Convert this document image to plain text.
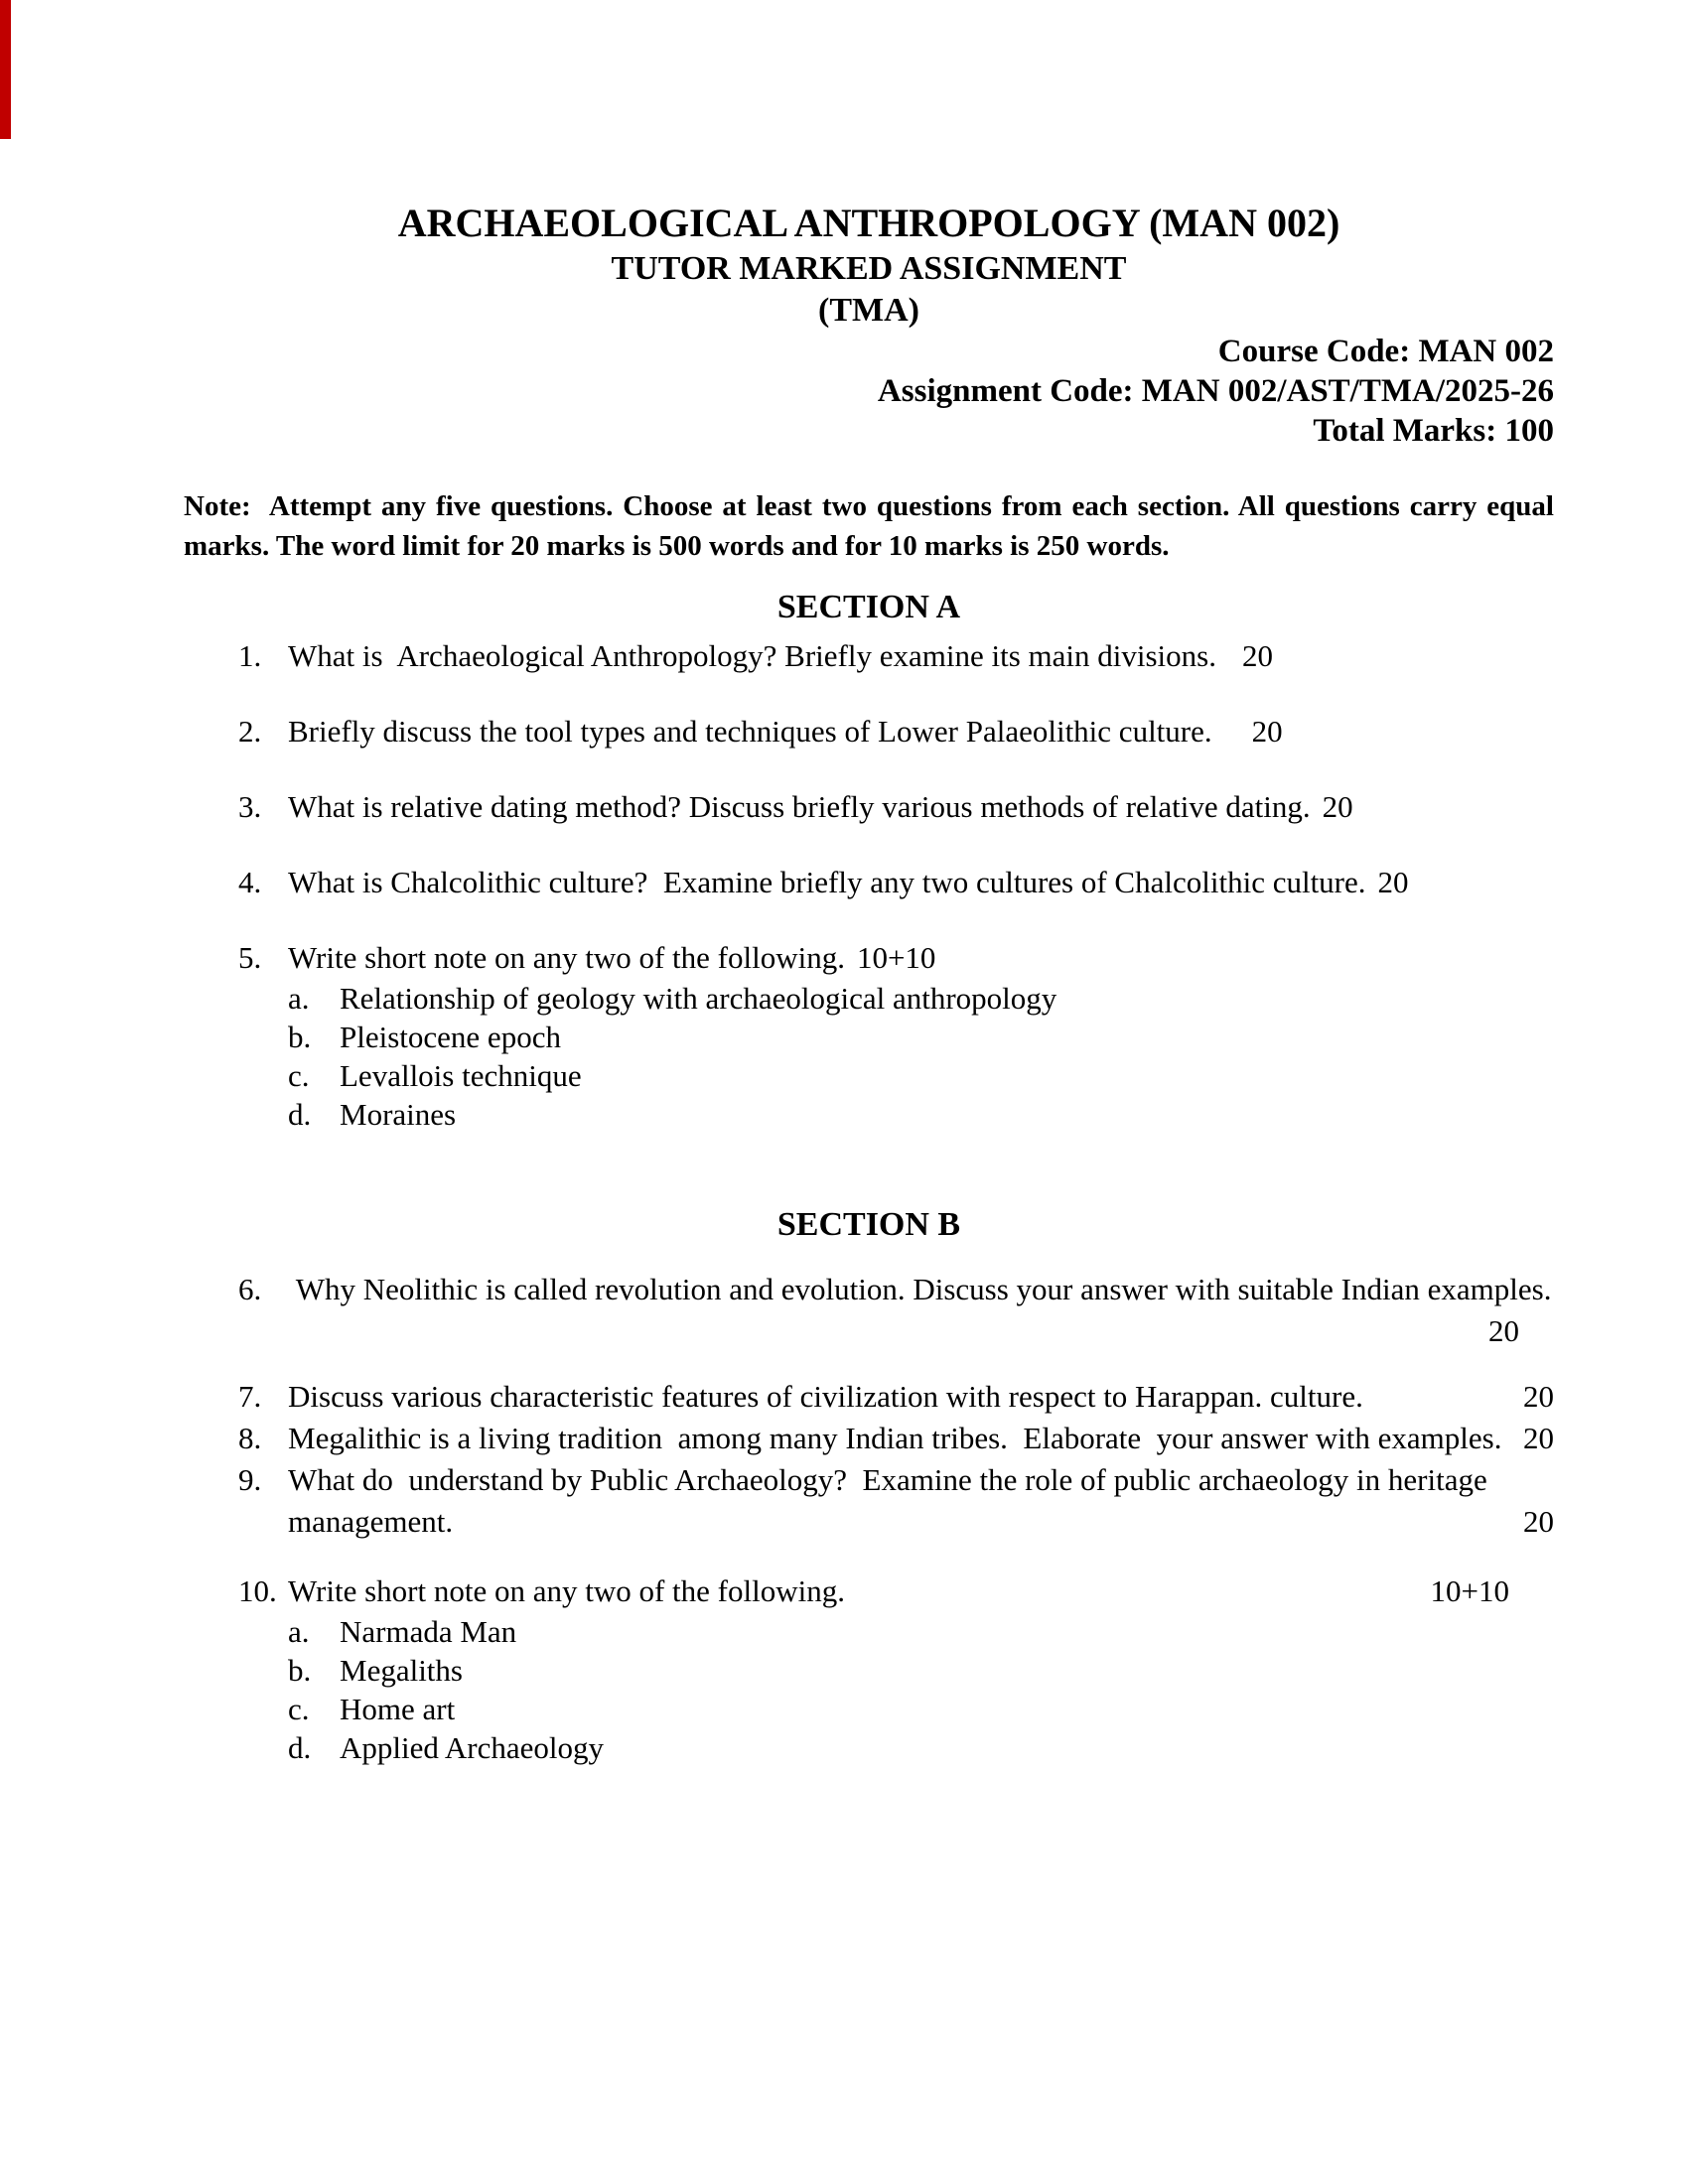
ARCHAEOLOGICAL ANTHROPOLOGY (MAN 002)
TUTOR MARKED ASSIGNMENT
(TMA)
Course Code: MAN 002
Assignment Code: MAN 002/AST/TMA/2025-26
Total Marks: 100
Note:  Attempt any five questions. Choose at least two questions from each section. All questions carry equal marks. The word limit for 20 marks is 500 words and for 10 marks is 250 words.
SECTION A
1. What is  Archaeological Anthropology? Briefly examine its main divisions. 20
2. Briefly discuss the tool types and techniques of Lower Palaeolithic culture. 20
3. What is relative dating method? Discuss briefly various methods of relative dating. 20
4. What is Chalcolithic culture?  Examine briefly any two cultures of Chalcolithic culture. 20
5. Write short note on any two of the following. 10+10
a. Relationship of geology with archaeological anthropology
b. Pleistocene epoch
c. Levallois technique
d. Moraines
SECTION B
6. Why Neolithic is called revolution and evolution. Discuss your answer with suitable Indian examples.
20
7. Discuss various characteristic features of civilization with respect to Harappan. culture.	20
8. Megalithic is a living tradition  among many Indian tribes.  Elaborate  your answer with examples. 20
9. What do  understand by Public Archaeology?  Examine the role of public archaeology in heritage management.	20
10. Write short note on any two of the following.	10+10
a. Narmada Man
b. Megaliths
c. Home art
d. Applied Archaeology
